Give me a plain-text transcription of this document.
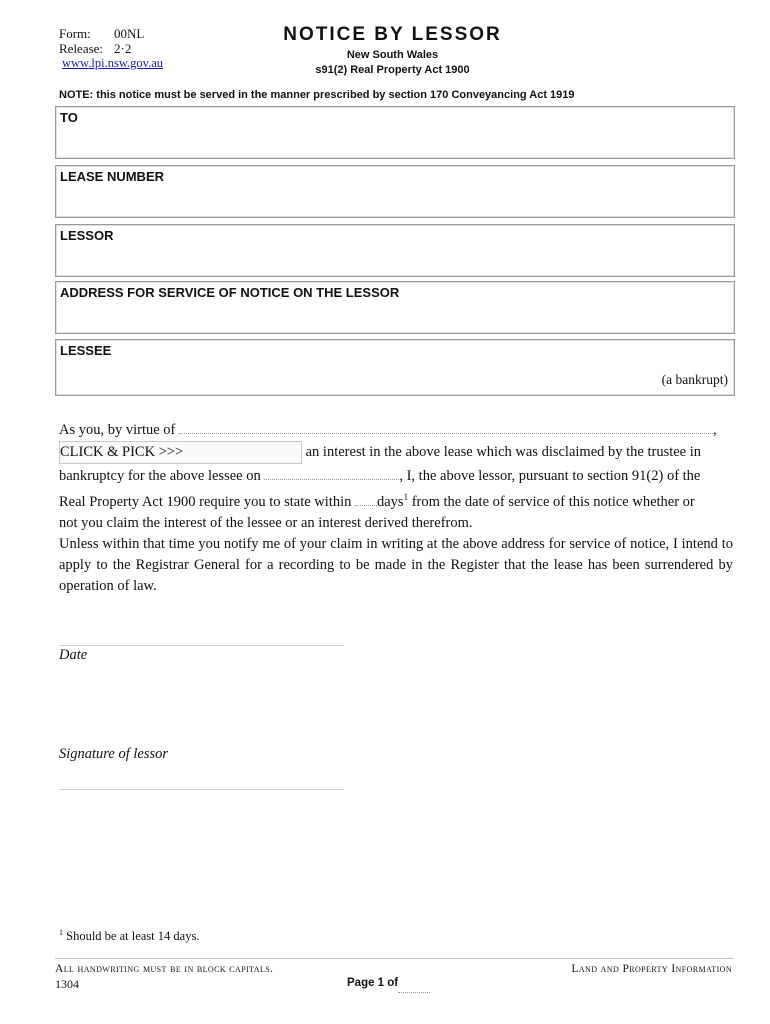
Form: 00NL
Release: 2·2
www.lpi.nsw.gov.au
NOTICE BY LESSOR
New South Wales
s91(2) Real Property Act 1900
NOTE: this notice must be served in the manner prescribed by section 170 Conveyancing Act 1919
TO
LEASE NUMBER
LESSOR
ADDRESS FOR SERVICE OF NOTICE ON THE LESSOR
LESSEE
(a bankrupt)
As you, by virtue of	,
CLICK & PICK >>>	an interest in the above lease which was disclaimed by the trustee in
bankruptcy for the above lessee on	, I, the above lessor, pursuant to section 91(2) of the
Real Property Act 1900 require you to state within days$^1$ from the date of service of this notice whether or
not you claim the interest of the lessee or an interest derived therefrom.
Unless within that time you notify me of your claim in writing at the above address for service of notice, I intend to apply to the Registrar General for a recording to be made in the Register that the lease has been surrendered by operation of law.
Date
Signature of lessor
$^1$ Should be at least 14 days.
All handwriting must be in block capitals.
1304	Page 1 of
Land and Property Information
